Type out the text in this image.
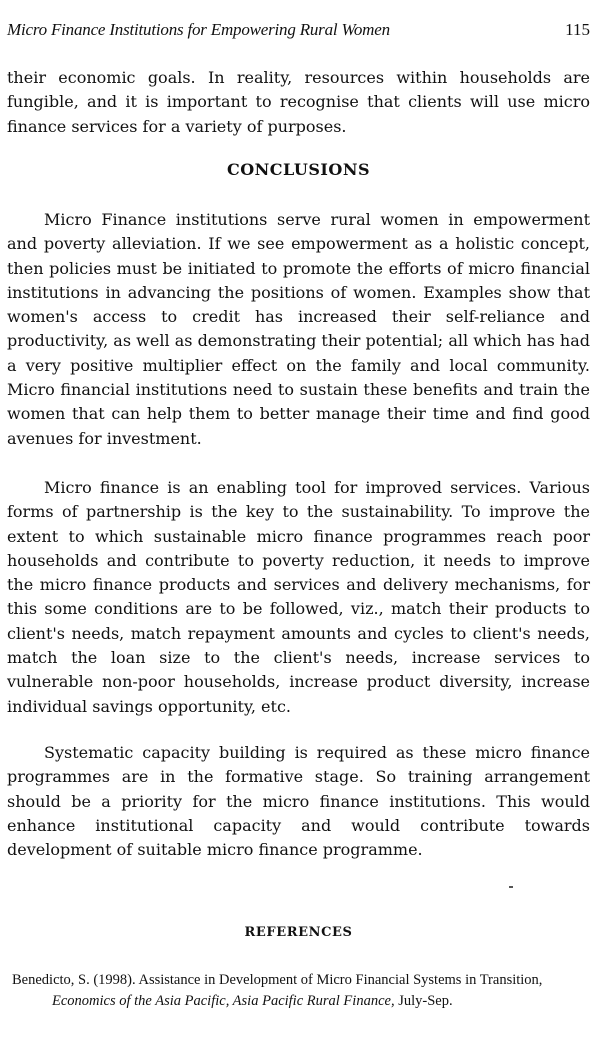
Micro Finance Institutions for Empowering Rural Women	115

their economic goals. In reality, resources within households are fungible, and it is important to recognise that clients will use micro finance services for a variety of purposes.

CONCLUSIONS

Micro Finance institutions serve rural women in empowerment and poverty alleviation. If we see empowerment as a holistic concept, then policies must be initiated to promote the efforts of micro financial institutions in advancing the positions of women. Examples show that women's access to credit has increased their self-reliance and productivity, as well as demonstrating their potential; all which has had a very positive multiplier effect on the family and local community. Micro financial institutions need to sustain these benefits and train the women that can help them to better manage their time and find good avenues for investment.

Micro finance is an enabling tool for improved services. Various forms of partnership is the key to the sustainability. To improve the extent to which sustainable micro finance programmes reach poor households and contribute to poverty reduction, it needs to improve the micro finance products and services and delivery mechanisms, for this some conditions are to be followed, viz., match their products to client's needs, match repayment amounts and cycles to client's needs, match the loan size to the client's needs, increase services to vulnerable non-poor households, increase product diversity, increase individual savings opportunity, etc.

Systematic capacity building is required as these micro finance programmes are in the formative stage. So training arrangement should be a priority for the micro finance institutions. This would enhance institutional capacity and would contribute towards development of suitable micro finance programme.

REFERENCES
Benedicto, S. (1998). Assistance in Development of Micro Financial Systems in Transition, Economics of the Asia Pacific, Asia Pacific Rural Finance, July-Sep.
